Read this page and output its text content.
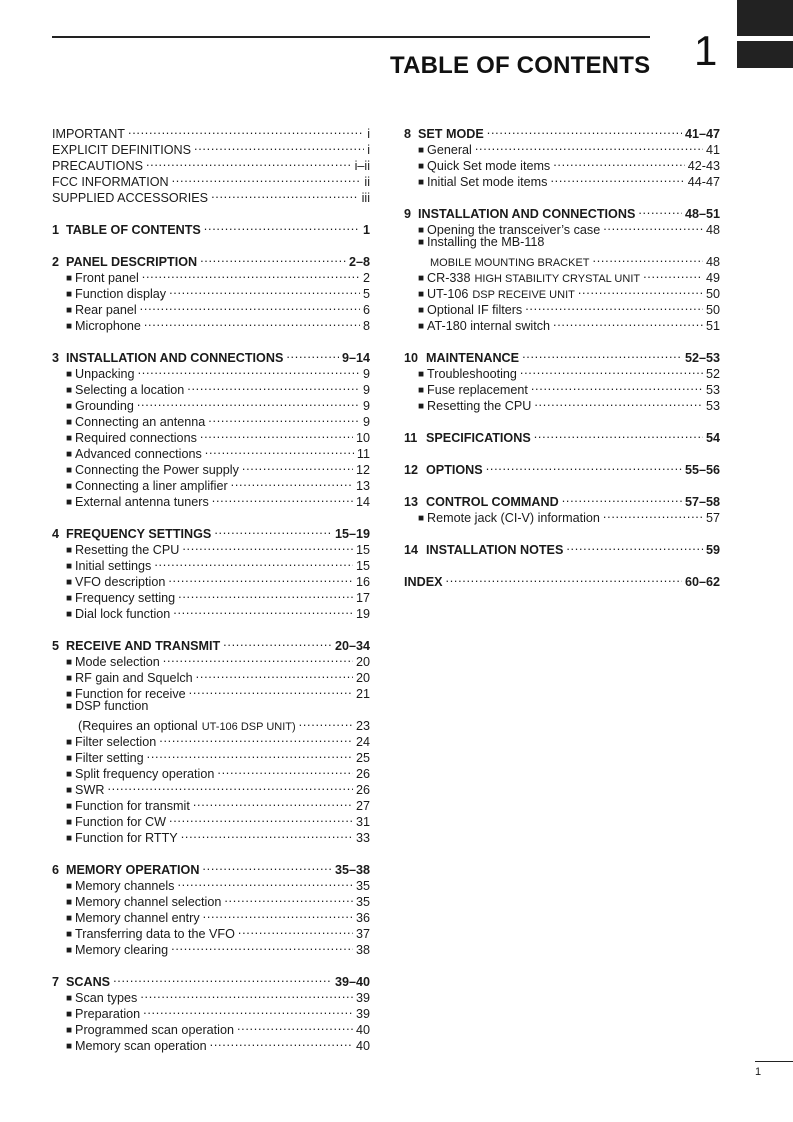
TABLE OF CONTENTS 1
IMPORTANT . . .	i
EXPLICIT DEFINITIONS . . .	i
PRECAUTIONS . . .	i–ii
FCC INFORMATION . . .	ii
SUPPLIED ACCESSORIES . . .	iii
1 TABLE OF CONTENTS . . .	1
2 PANEL DESCRIPTION . . .	2–8
■ Front panel . . .	2
■ Function display . . .	5
■ Rear panel . . .	6
■ Microphone . . .	8
3 INSTALLATION AND CONNECTIONS . . .	9–14
■ Unpacking . . .	9
■ Selecting a location . . .	9
■ Grounding . . .	9
■ Connecting an antenna . . .	9
■ Required connections . . .	10
■ Advanced connections . . .	11
■ Connecting the Power supply . . .	12
■ Connecting a liner amplifier . . .	13
■ External antenna tuners . . .	14
4 FREQUENCY SETTINGS . . .	15–19
■ Resetting the CPU . . .	15
■ Initial settings . . .	15
■ VFO description . . .	16
■ Frequency setting . . .	17
■ Dial lock function . . .	19
5 RECEIVE AND TRANSMIT . . .	20–34
■ Mode selection . . .	20
■ RF gain and Squelch . . .	20
■ Function for receive . . .	21
■ DSP function
(Requires an optional UT-106 DSP UNIT) . . .	23
■ Filter selection . . .	24
■ Filter setting . . .	25
■ Split frequency operation . . .	26
■ SWR . . .	26
■ Function for transmit . . .	27
■ Function for CW . . .	31
■ Function for RTTY . . .	33
6 MEMORY OPERATION . . .	35–38
■ Memory channels . . .	35
■ Memory channel selection . . .	35
■ Memory channel entry . . .	36
■ Transferring data to the VFO . . .	37
■ Memory clearing . . .	38
7 SCANS . . .	39–40
■ Scan types . . .	39
■ Preparation . . .	39
■ Programmed scan operation . . .	40
■ Memory scan operation . . .	40
8 SET MODE . . .	41–47
■ General . . .	41
■ Quick Set mode items . . .	42-43
■ Initial Set mode items . . .	44-47
9 INSTALLATION AND CONNECTIONS . . .	48–51
■ Opening the transceiver’s case . . .	48
■ Installing the MB-118
MOBILE MOUNTING BRACKET . . .	48
■ CR-338 HIGH STABILITY CRYSTAL UNIT . . .	49
■ UT-106 DSP RECEIVE UNIT . . .	50
■ Optional IF filters . . .	50
■ AT-180 internal switch . . .	51
10 MAINTENANCE . . .	52–53
■ Troubleshooting . . .	52
■ Fuse replacement . . .	53
■ Resetting the CPU . . .	53
11 SPECIFICATIONS . . .	54
12 OPTIONS . . .	55–56
13 CONTROL COMMAND . . .	57–58
■ Remote jack (CI-V) information . . .	57
14 INSTALLATION NOTES . . .	59
INDEX . . .	60–62
1
